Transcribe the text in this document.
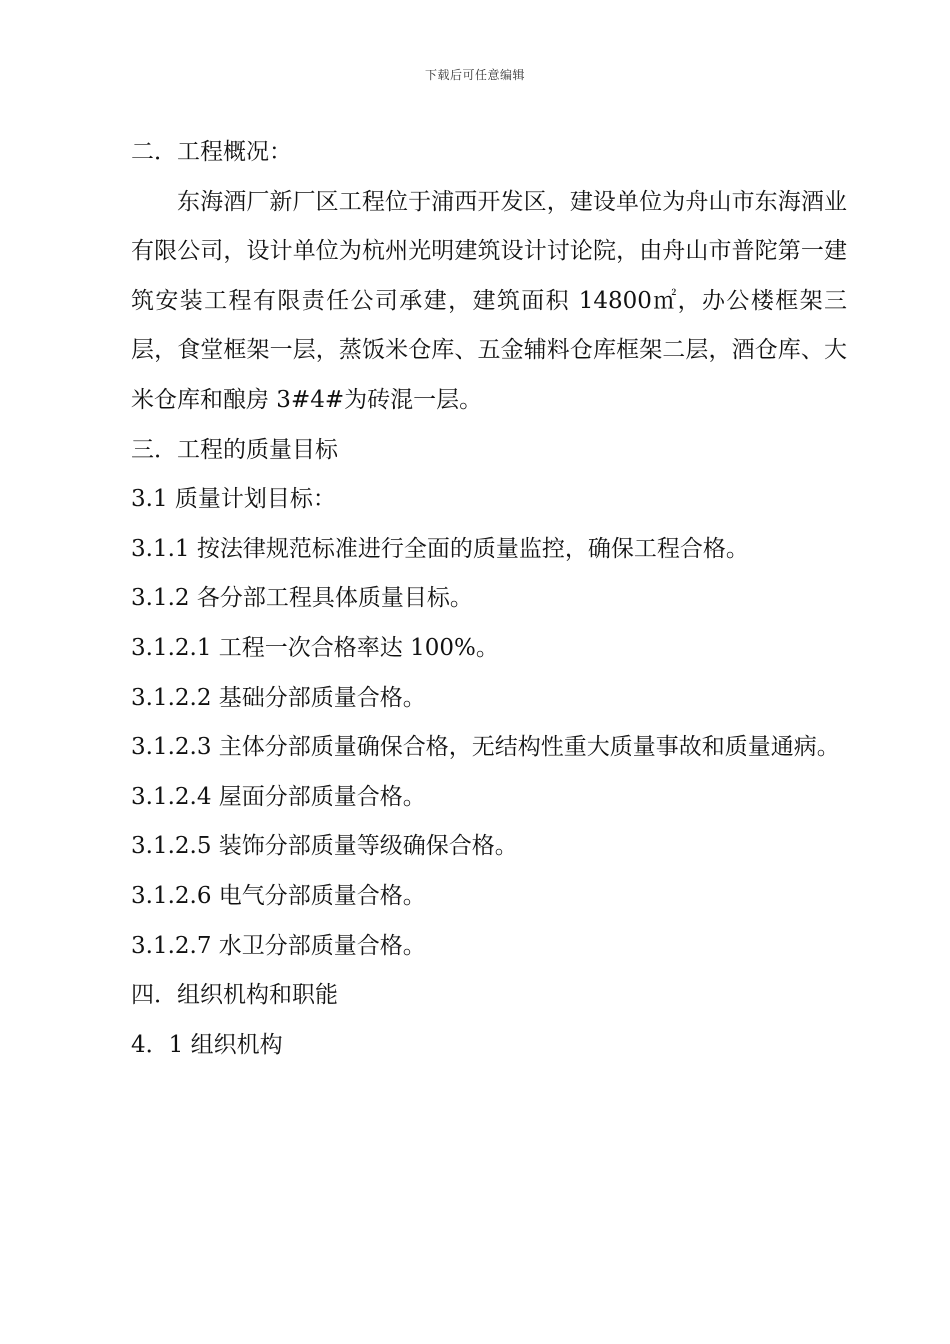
下载后可任意编辑

二．工程概况：

东海酒厂新厂区工程位于浦西开发区，建设单位为舟山市东海酒业有限公司，设计单位为杭州光明建筑设计讨论院，由舟山市普陀第一建筑安装工程有限责任公司承建，建筑面积 14800㎡，办公楼框架三层，食堂框架一层，蒸饭米仓库、五金辅料仓库框架二层，酒仓库、大米仓库和酿房 3#4#为砖混一层。

三．工程的质量目标

3.1 质量计划目标：

3.1.1 按法律规范标准进行全面的质量监控，确保工程合格。

3.1.2 各分部工程具体质量目标。

3.1.2.1 工程一次合格率达 100%。

3.1.2.2 基础分部质量合格。

3.1.2.3 主体分部质量确保合格，无结构性重大质量事故和质量通病。

3.1.2.4 屋面分部质量合格。

3.1.2.5 装饰分部质量等级确保合格。

3.1.2.6 电气分部质量合格。

3.1.2.7 水卫分部质量合格。

四．组织机构和职能

4．1 组织机构
